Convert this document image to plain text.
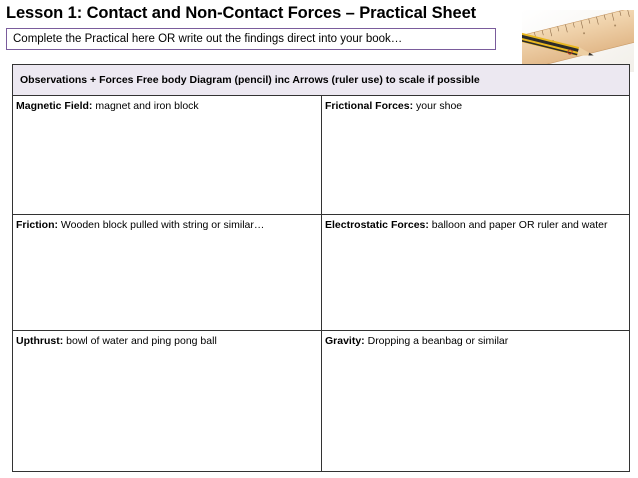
Lesson 1: Contact and Non-Contact Forces – Practical Sheet
Complete the Practical here OR write out the findings direct into your book…
Observations + Forces Free body Diagram (pencil) inc Arrows (ruler use) to scale if possible
Magnetic Field: magnet and iron block	Frictional Forces: your shoe
Friction: Wooden block pulled with string or similar…	Electrostatic Forces: balloon and paper OR ruler and water
Upthrust: bowl of water and ping pong ball	Gravity: Dropping a beanbag or similar
